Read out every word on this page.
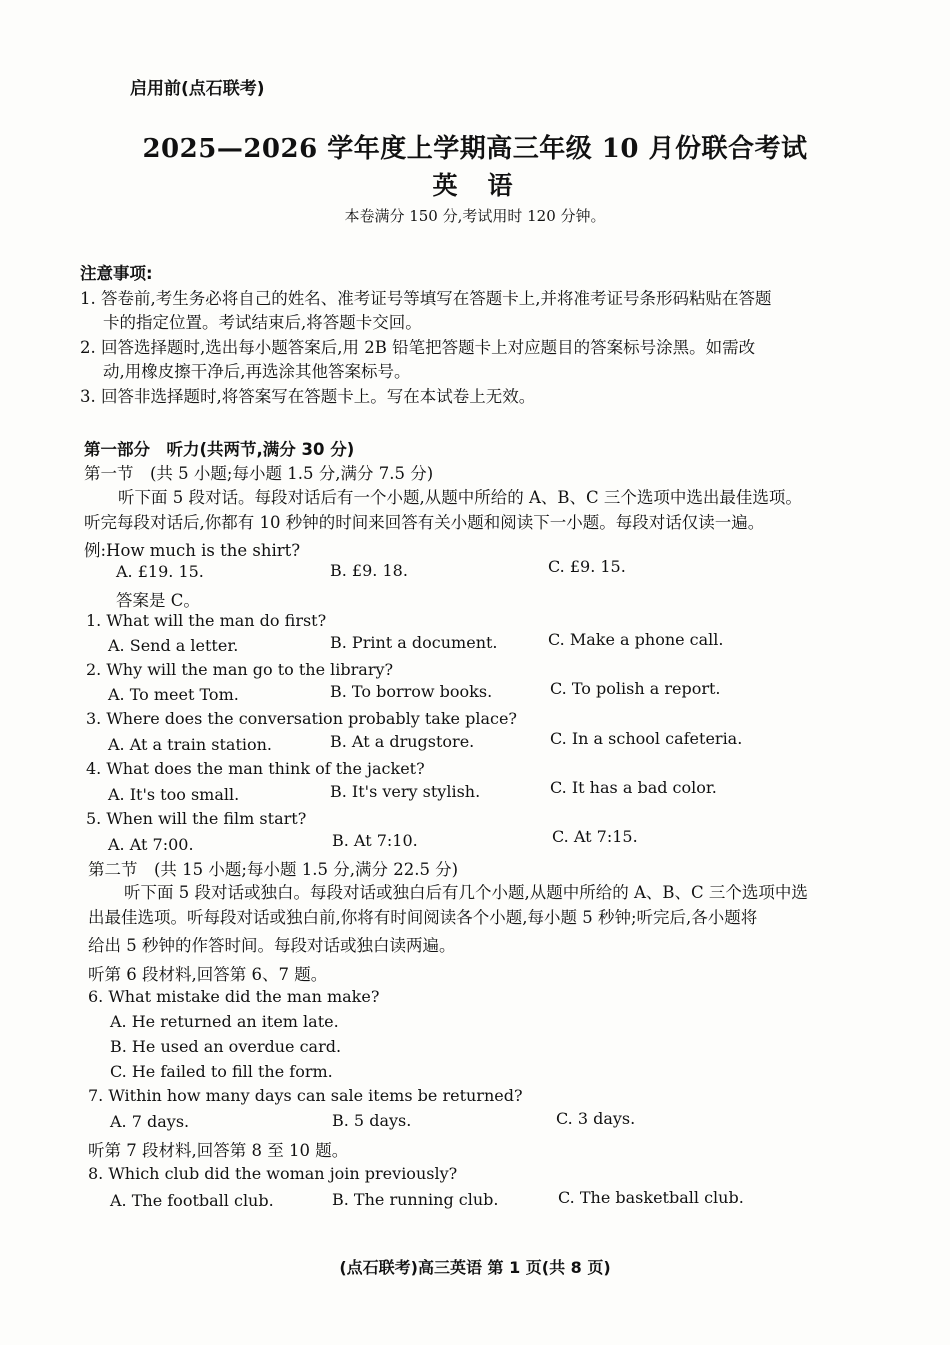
启用前(点石联考)
2025—2026 学年度上学期高三年级 10 月份联合考试
英语
本卷满分 150 分,考试用时 120 分钟。
注意事项:
1. 答卷前,考生务必将自己的姓名、准考证号等填写在答题卡上,并将准考证号条形码粘贴在答题
卡的指定位置。考试结束后,将答题卡交回。
2. 回答选择题时,选出每小题答案后,用 2B 铅笔把答题卡上对应题目的答案标号涂黑。如需改
动,用橡皮擦干净后,再选涂其他答案标号。
3. 回答非选择题时,将答案写在答题卡上。写在本试卷上无效。
第一部分　听力(共两节,满分 30 分)
第一节　(共 5 小题;每小题 1.5 分,满分 7.5 分)
听下面 5 段对话。每段对话后有一个小题,从题中所给的 A、B、C 三个选项中选出最佳选项。
听完每段对话后,你都有 10 秒钟的时间来回答有关小题和阅读下一小题。每段对话仅读一遍。
例:How much is the shirt?
A. £19. 15.	B. £9. 18.	C. £9. 15.
答案是 C。
1. What will the man do first?
A. Send a letter.	B. Print a document.	C. Make a phone call.
2. Why will the man go to the library?
A. To meet Tom.	B. To borrow books.	C. To polish a report.
3. Where does the conversation probably take place?
A. At a train station.	B. At a drugstore.	C. In a school cafeteria.
4. What does the man think of the jacket?
A. It's too small.	B. It's very stylish.	C. It has a bad color.
5. When will the film start?
A. At 7:00.	B. At 7:10.	C. At 7:15.
第二节　(共 15 小题;每小题 1.5 分,满分 22.5 分)
听下面 5 段对话或独白。每段对话或独白后有几个小题,从题中所给的 A、B、C 三个选项中选
出最佳选项。听每段对话或独白前,你将有时间阅读各个小题,每小题 5 秒钟;听完后,各小题将
给出 5 秒钟的作答时间。每段对话或独白读两遍。
听第 6 段材料,回答第 6、7 题。
6. What mistake did the man make?
A. He returned an item late.
B. He used an overdue card.
C. He failed to fill the form.
7. Within how many days can sale items be returned?
A. 7 days.	B. 5 days.	C. 3 days.
听第 7 段材料,回答第 8 至 10 题。
8. Which club did the woman join previously?
A. The football club.	B. The running club.	C. The basketball club.
(点石联考)高三英语 第 1 页(共 8 页)
